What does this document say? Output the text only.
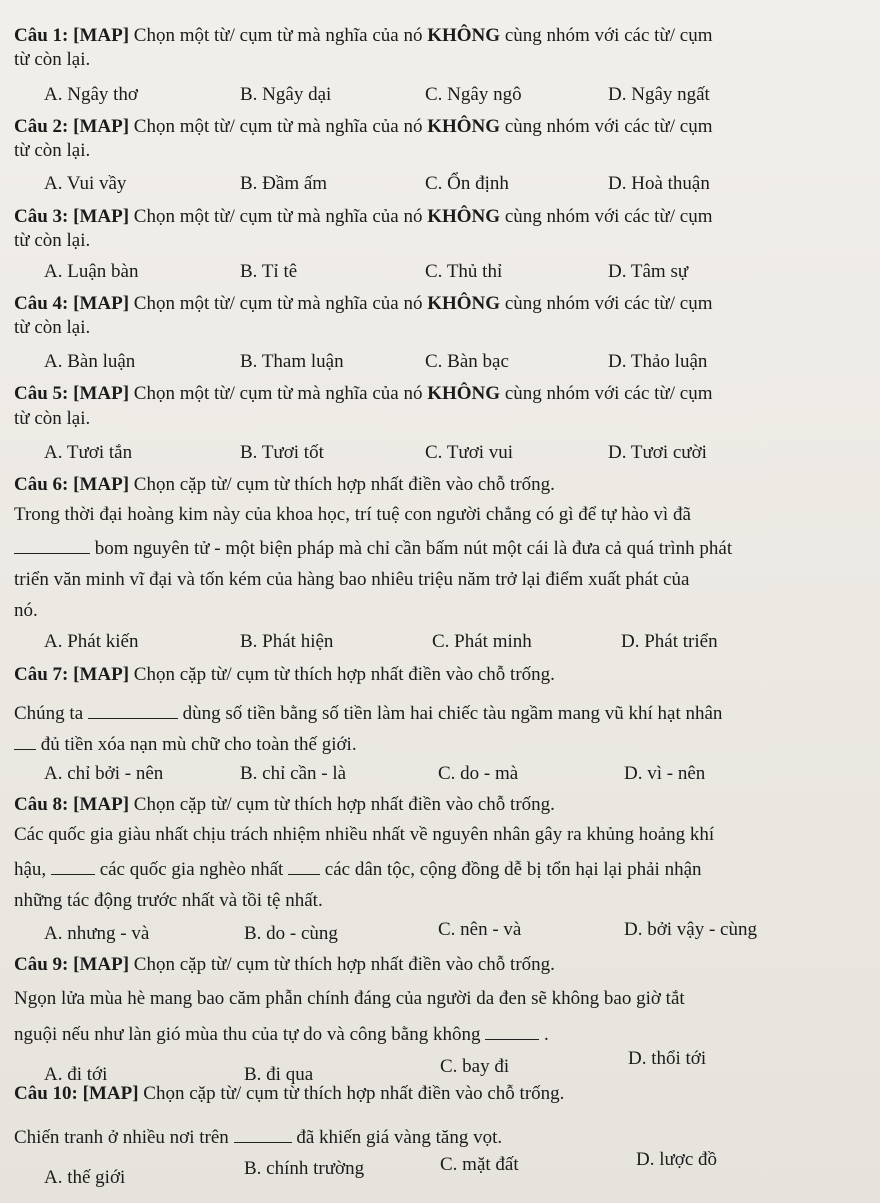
Câu 1: [MAP] Chọn một từ/ cụm từ mà nghĩa của nó KHÔNG cùng nhóm với các từ/ cụm
từ còn lại.
A. Ngây thơ	B. Ngây dại	C. Ngây ngô	D. Ngây ngất
Câu 2: [MAP] Chọn một từ/ cụm từ mà nghĩa của nó KHÔNG cùng nhóm với các từ/ cụm
từ còn lại.
A. Vui vầy	B. Đầm ấm	C. Ổn định	D. Hoà thuận
Câu 3: [MAP] Chọn một từ/ cụm từ mà nghĩa của nó KHÔNG cùng nhóm với các từ/ cụm
từ còn lại.
A. Luận bàn	B. Tỉ tê	C. Thủ thỉ	D. Tâm sự
Câu 4: [MAP] Chọn một từ/ cụm từ mà nghĩa của nó KHÔNG cùng nhóm với các từ/ cụm
từ còn lại.
A. Bàn luận	B. Tham luận	C. Bàn bạc	D. Thảo luận
Câu 5: [MAP] Chọn một từ/ cụm từ mà nghĩa của nó KHÔNG cùng nhóm với các từ/ cụm
từ còn lại.
A. Tươi tắn	B. Tươi tốt	C. Tươi vui	D. Tươi cười
Câu 6: [MAP] Chọn cặp từ/ cụm từ thích hợp nhất điền vào chỗ trống.
Trong thời đại hoàng kim này của khoa học, trí tuệ con người chẳng có gì để tự hào vì đã
bom nguyên tử - một biện pháp mà chỉ cần bấm nút một cái là đưa cả quá trình phát
triển văn minh vĩ đại và tốn kém của hàng bao nhiêu triệu năm trở lại điểm xuất phát của
nó.
A. Phát kiến	B. Phát hiện	C. Phát minh	D. Phát triển
Câu 7: [MAP] Chọn cặp từ/ cụm từ thích hợp nhất điền vào chỗ trống.
Chúng ta	dùng số tiền bằng số tiền làm hai chiếc tàu ngầm mang vũ khí hạt nhân
đủ tiền xóa nạn mù chữ cho toàn thế giới.
A. chỉ bởi - nên	B. chỉ cần - là	C. do - mà	D. vì - nên
Câu 8: [MAP] Chọn cặp từ/ cụm từ thích hợp nhất điền vào chỗ trống.
Các quốc gia giàu nhất chịu trách nhiệm nhiều nhất về nguyên nhân gây ra khủng hoảng khí
hậu,  các quốc gia nghèo nhất  các dân tộc, cộng đồng dễ bị tổn hại lại phải nhận
những tác động trước nhất và tồi tệ nhất.
A. nhưng - và	B. do - cùng	C. nên - và	D. bởi vậy - cùng
Câu 9: [MAP] Chọn cặp từ/ cụm từ thích hợp nhất điền vào chỗ trống.
Ngọn lửa mùa hè mang bao căm phẫn chính đáng của người da đen sẽ không bao giờ tắt
nguội nếu như làn gió mùa thu của tự do và công bằng không	.
A. đi tới	B. đi qua	C. bay đi	D. thổi tới
Câu 10: [MAP] Chọn cặp từ/ cụm từ thích hợp nhất điền vào chỗ trống.
Chiến tranh ở nhiều nơi trên	đã khiến giá vàng tăng vọt.
A. thế giới	B. chính trường	C. mặt đất	D. lược đồ
